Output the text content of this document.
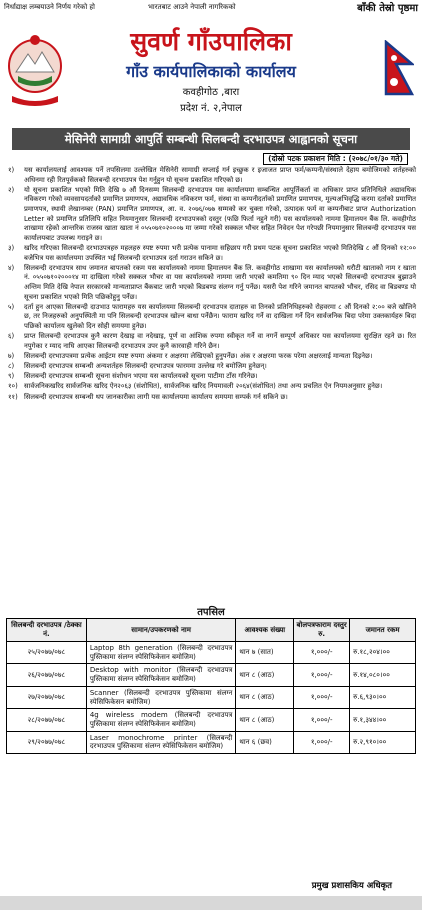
निर्धाद्याक्ष लम्बयाउने निर्णय गरेको हो	भारतबाट आउने नेपाली नागरिकको	बाँकी तेस्रो पृष्ठमा
सुवर्ण गाँउपालिका
गाँउ कार्यपालिकाको कार्यालय
कवहीगोठ ,बारा
प्रदेश नं. २,नेपाल
मेसिनेरी सामाग्री आपुर्ति सम्बन्धी सिलबन्दी दरभाउपत्र आह्वानको सूचना
(दोस्रो पटक प्रकाशन मिति : (२०७८/०१/३० गते)
१) यस कार्यालयलाई आवश्यक पर्ने तपसिलमा उल्लेखित मेसिनेरी सामाग्री सप्लाई गर्न इच्छुक र इजाजत प्राप्त फर्म/कम्पनी/संस्थाले देहाय बमोजिमको शर्तहरुको अधिनमा रही रितपूर्वकको सिलबन्दी दरभाउपत्र पेश गर्नुहुन यो सूचना प्रकाशित गरिएको छ।
२) यो सूचना प्रकाशित भएको मिति देखि ७ औं दिनसम्म सिलबन्दी दरभाउपत्र यस कार्यालयमा सम्बन्धित आपूर्तिकर्ता वा अधिकार प्राप्त प्रतिनिधिले अद्यावधिक नविकरण गरेको व्यवसायदर्ताको प्रमाणित प्रमाणपत्र, अद्यावधिक नविकरण फर्म, संस्था वा कम्पनीदर्ताको प्रमाणित प्रमाणपत्र, मूल्यअभिवृद्धि करमा दर्ताको प्रमाणित प्रमाणपत्र, स्थायी लेखानम्बर (PAN) प्रमाणित प्रमाणपत्र, आ. व. २०७६/०७७ सम्मको कर चुक्ता गरेको, उत्पादक फर्म वा कम्पनीबाट प्राप्त Authorization Letter को प्रमाणित प्रतिलिपि सहित नियमानुसार सिलबन्दी दरभाउपत्रको दस्तुर (फछि फिर्ता नहुने गरी) यस कार्यालयको नाममा हिमालयन बैंक लि. कवहीगोठ शाखामा रहेको आन्तरिक राजस्व खाता खाता नं ०५५०७१०२०००७ मा जम्मा गरेको सक्कल भौचर सहित निवेदन पेश गरेपछी नियमानुसार सिलबन्दी दरभाउपत्र यस कार्यालयबाट उपलब्ध गराइने छ।
३) खरिद गरिएका सिलबन्दी दरभाउपत्रहरु महलहरु स्पष्ट रुपमा भरी प्रत्येक पानामा सहिछाप गरी प्रथम पटक सूचना प्रकाशित भएको मितिदेखि ८ औं दिनको १२:०० बजेभित्र यस कार्यालयमा उपस्थित भई सिलबन्दी दरभाउपत्र दर्ता गराउन सकिने छ।
४) सिलबन्दी दरभाउपत्र साथ जमानत बापतको रकम यस कार्यालयको नाममा हिमालयन बैंक लि. कवहीगोठ शाखामा यस कार्यालयको धरौटी खाताको नाम र खाता नं. ०५५०७१०२०००१४ मा दाखिला गरेको सक्कल भौचर वा यस कार्यालयको नाममा जारी भएको कमतिमा ९० दिन म्याद भएको सिलबन्दी दरभाउपत्र बुझाउने अन्तिम मिति देखि नेपाल सरकारको मान्यताप्राप्त बैंकबाट जारी भएको बिडबण्ड संलग्न गर्नु पर्नेछ। यसरी पेश गरिने जमानत बापतको भौचर, रसिद वा बिडबण्ड यो सूचना प्रकाशित भएको मिति पछिकोहुनु पर्नेछ।
५) दर्ता हुन आएका सिलबन्दी दाउभाउ फारामहरु यस कार्यालयमा सिलबन्दी दरभाउपत्र दाताहरु वा तिनको प्रतिनिधिहरुको रोहवरमा ८ औं दिनको २:०० बजे खोलिने छ, तर निजहरुको अनुपस्थिती मा पनि सिलबन्दी दरभाउपत्र खोल्न बाधा पर्नेछैन। फाराम खरिद गर्ने वा दाखिला गर्ने दिन सार्वजनिक बिदा परेमा उक्तकार्यहरु बिदा पछिको कार्यालय खुलेको दिन सोही समयमा हुनेछ।
६) प्राप्त सिलबन्दी दरभाउपत्र कुनै कारण देखाइ वा नदेखाइ, पूर्ण वा आंशिक रुपमा स्वीकृत गर्ने वा नगर्ने सम्पूर्ण अधिकार यस कार्यालयमा सुरक्षित रहने छ। रित नपुगेका र म्याद नाघि आएका सिलबन्दी दरभाउपत्र उपर कुनै कारवाही गरिने छैन।
७) सिलबन्दी दरभाउपत्रमा प्रत्येक आईटम स्पष्ट रुपमा अंकमा र अक्षरमा लेखिएको हुनुपर्नेछ। अंक र अक्षरमा फरक परेमा अक्षरलाई मान्यता दिइनेछ।
८) सिलबन्दी दरभाउपत्र सम्बन्धी अन्यशर्तहरु सिलबन्दी दरभाउपत्र फारममा उल्लेख गरे बमोजिम हुनेछन्।
९) सिलबन्दी दरभाउपत्र सम्बन्धी सूचना संशोधन भएमा यस कार्यालयको सूचना पाटीमा टाँस गरिनेछ।
१०) सार्वजनिकखरिद सार्वजनिक खरिद ऐन२०६३ (संशोधित), सार्वजनिक खरिद नियमावली २०६४(संशोधित) तथा अन्य प्रचलित ऐन नियमअनुसार हुनेछ।
११) सिलबन्दी दरभाउपत्र सम्बन्धी थप जानकारीका लागी यस कार्यालयमा कार्यालय समयमा सम्पर्क गर्न सकिने छ।
तपसिल
सिलबन्दी दरभाउपत्र /ठेक्का नं.	सामान/उपकरणको नाम	आवश्यक संख्या	बोलपत्रफाराम दस्तुर रु.	जमानत रकम
२५/२०७७/०७८	Laptop 8th generation (सिलबन्दी दरभाउपत्र पुस्तिकामा संलग्न स्पेसिफिकेसन बमोजिम)	थान ७ (सात)	१,०००/-	रु.१८,२०४।००
२६/२०७७/०७८	Desktop with monitor (सिलबन्दी दरभाउपत्र पुस्तिकामा संलग्न स्पेसिफिकेसन बमोजिम)	थान ८ (आठ)	१,०००/-	रु.१४,०८०।००
२७/२०७७/०७८	Scanner (सिलबन्दी दरभाउपत्र पुस्तिकामा संलग्न स्पेसिफिकेसन बमोजिम)	थान ८ (आठ)	१,०००/-	रु.६,९३०।००
२८/२०७७/०७८	4g wireless modem (सिलबन्दी दरभाउपत्र पुस्तिकामा संलग्न स्पेसिफिकेसन बमोजिम)	थान ८ (आठ)	१,०००/-	रु.१,३४४।००
२९/२०७७/०७८	Laser monochrome printer (सिलबन्दी दरभाउपत्र पुस्तिकामा संलग्न स्पेसिफिकेसन बमोजिम)	थान ६ (छव)	१,०००/-	रु.२,९१०।००
प्रमुख प्रशासकिय अधिकृत
